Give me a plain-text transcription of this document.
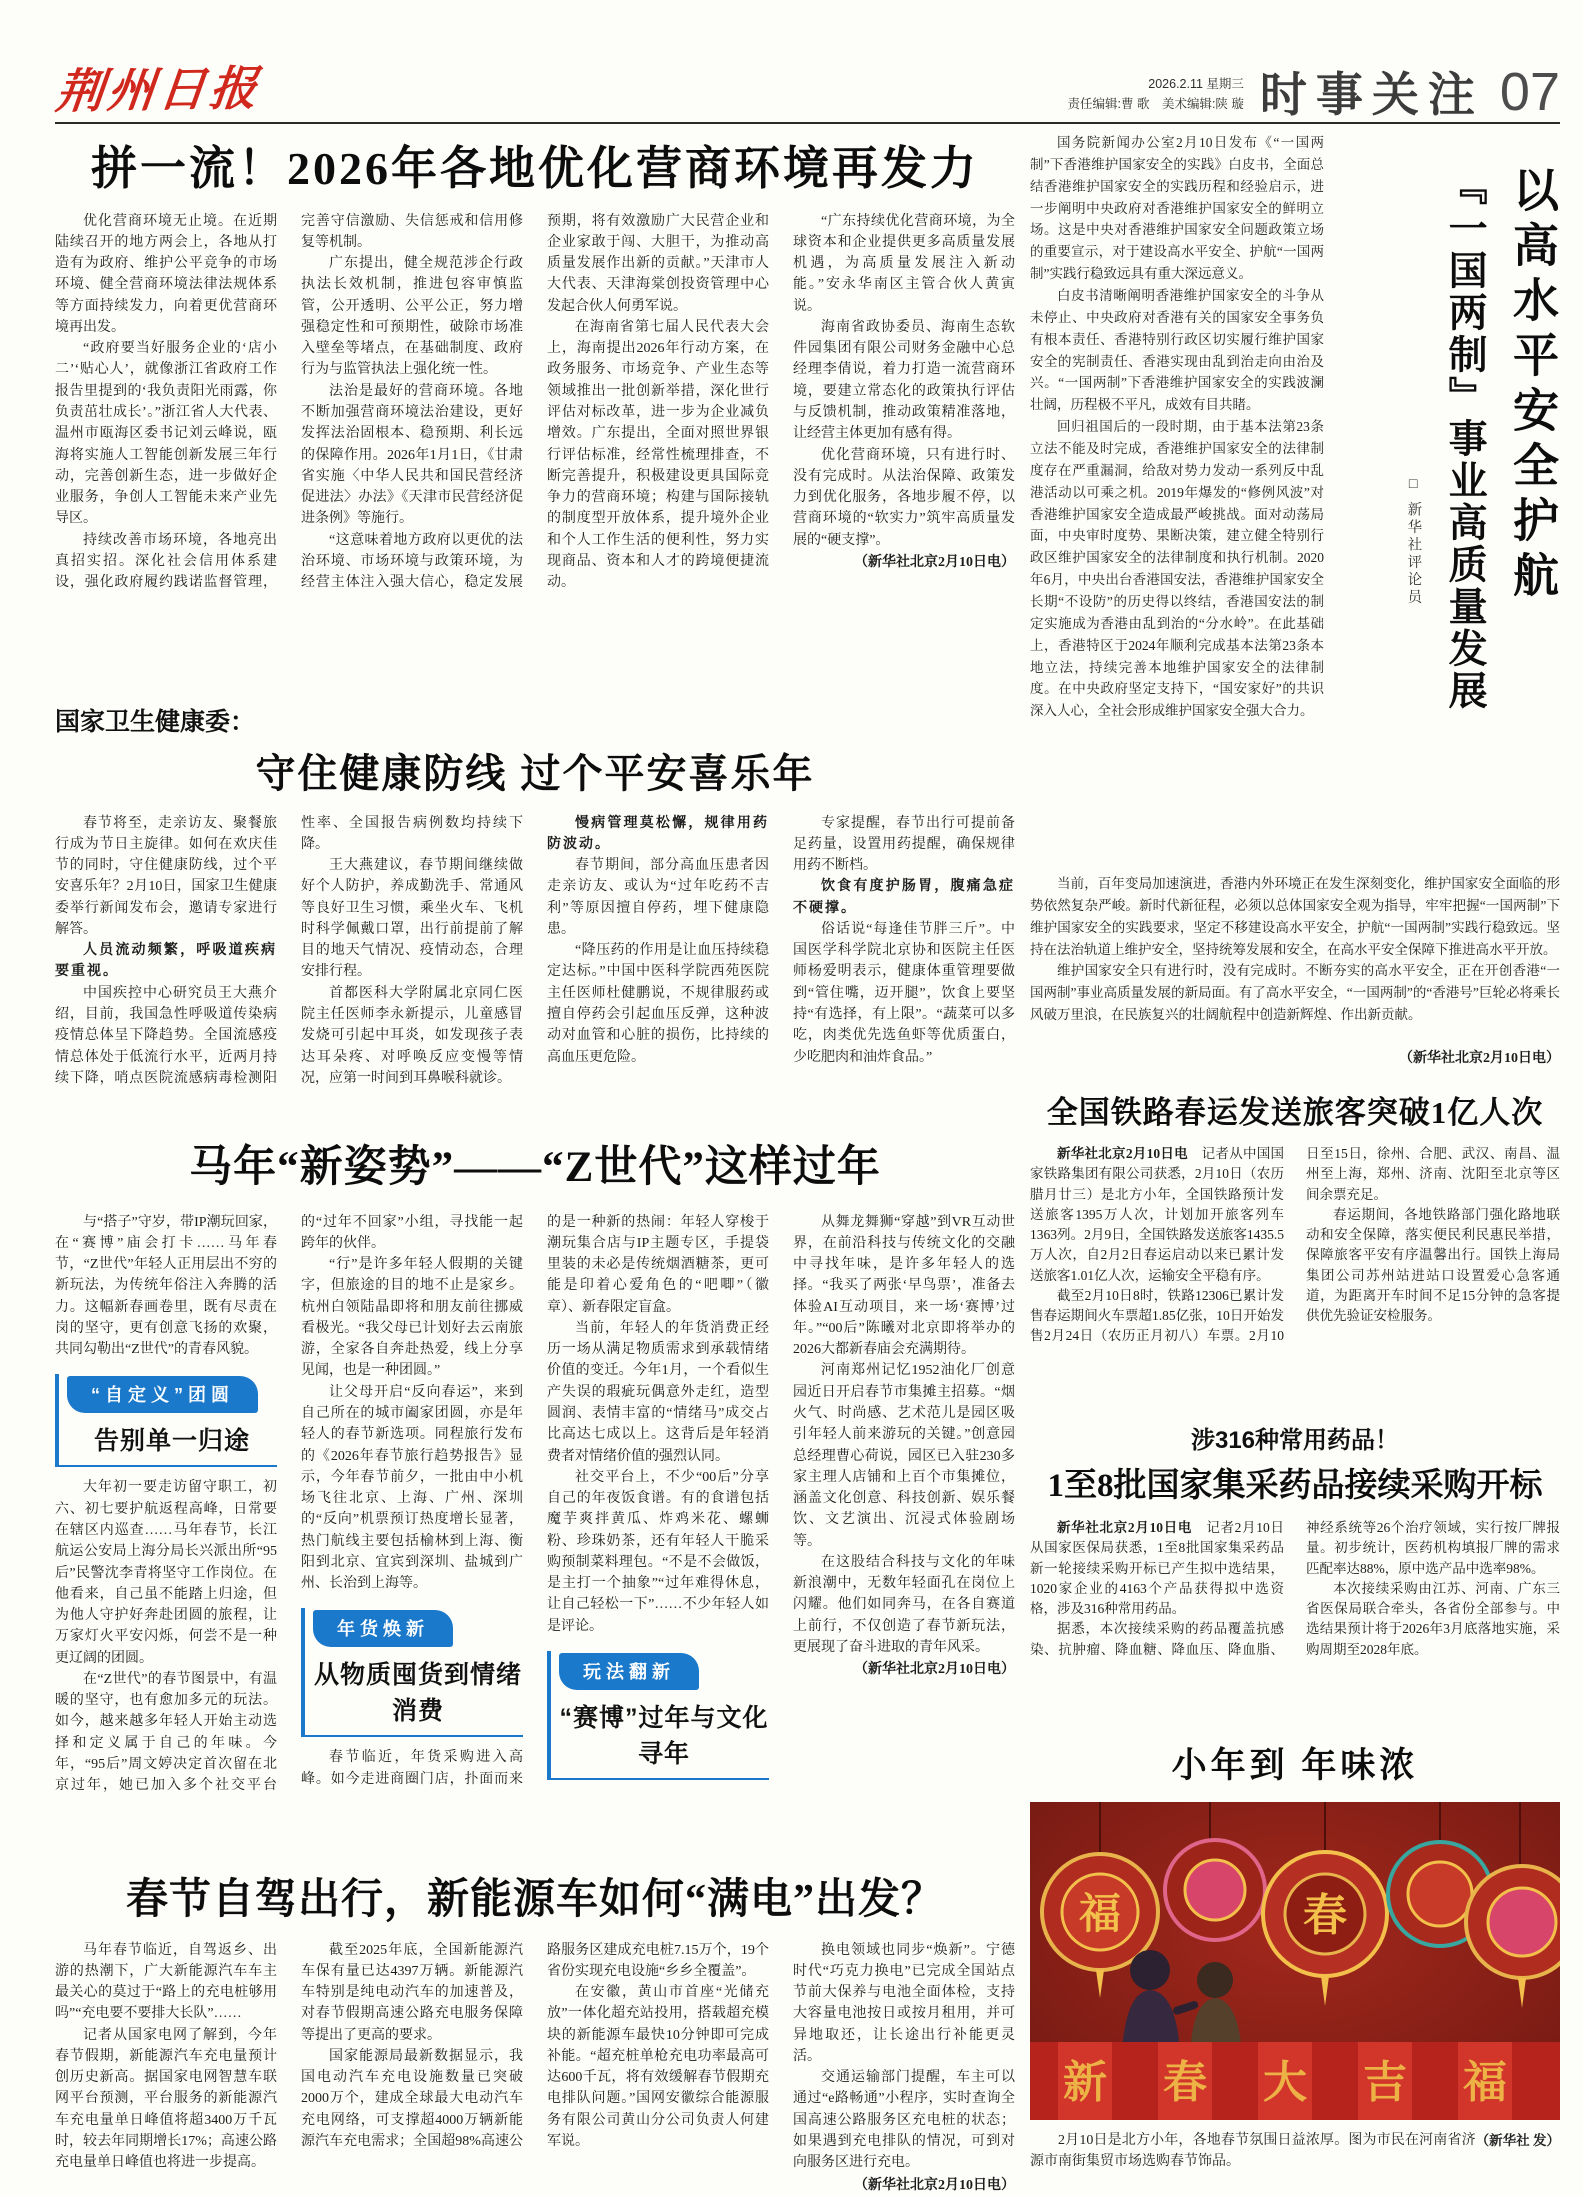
荆州日报	2026.2.11 星期三
责任编辑:曹 歌　美术编辑:陕 璇 时事关注 07
拼一流！2026年各地优化营商环境再发力

优化营商环境无止境。在近期陆续召开的地方两会上，各地从打造有为政府、维护公平竞争的市场环境、健全营商环境法律法规体系等方面持续发力，向着更优营商环境再出发。

“政府要当好服务企业的‘店小二’‘贴心人’，就像浙江省政府工作报告里提到的‘我负责阳光雨露，你负责茁壮成长’。”浙江省人大代表、温州市瓯海区委书记刘云峰说，瓯海将实施人工智能创新发展三年行动，完善创新生态，进一步做好企业服务，争创人工智能未来产业先导区。

持续改善市场环境，各地亮出真招实招。深化社会信用体系建设，强化政府履约践诺监督管理，完善守信激励、失信惩戒和信用修复等机制。

广东提出，健全规范涉企行政执法长效机制，推进包容审慎监管，公开透明、公平公正，努力增强稳定性和可预期性，破除市场准入壁垒等堵点，在基础制度、政府行为与监管执法上强化统一性。

法治是最好的营商环境。各地不断加强营商环境法治建设，更好发挥法治固根本、稳预期、利长远的保障作用。2026年1月1日，《甘肃省实施〈中华人民共和国民营经济促进法〉办法》《天津市民营经济促进条例》等施行。

“这意味着地方政府以更优的法治环境、市场环境与政策环境，为经营主体注入强大信心，稳定发展预期，将有效激励广大民营企业和企业家敢于闯、大胆干，为推动高质量发展作出新的贡献。”天津市人大代表、天津海棠创投资管理中心发起合伙人何勇军说。

在海南省第七届人民代表大会上，海南提出2026年行动方案，在政务服务、市场竞争、产业生态等领域推出一批创新举措，深化世行评估对标改革，进一步为企业减负增效。广东提出，全面对照世界银行评估标准，经常性梳理排查，不断完善提升，积极建设更具国际竞争力的营商环境；构建与国际接轨的制度型开放体系，提升境外企业和个人工作生活的便利性，努力实现商品、资本和人才的跨境便捷流动。

“广东持续优化营商环境，为全球资本和企业提供更多高质量发展机遇，为高质量发展注入新动能。”安永华南区主管合伙人黄寅说。

海南省政协委员、海南生态软件园集团有限公司财务金融中心总经理李倩说，着力打造一流营商环境，要建立常态化的政策执行评估与反馈机制，推动政策精准落地，让经营主体更加有感有得。

优化营商环境，只有进行时、没有完成时。从法治保障、政策发力到优化服务，各地步履不停，以营商环境的“软实力”筑牢高质量发展的“硬支撑”。

（新华社北京2月10日电）

国家卫生健康委：

守住健康防线 过个平安喜乐年

春节将至，走亲访友、聚餐旅行成为节日主旋律。如何在欢庆佳节的同时，守住健康防线，过个平安喜乐年？2月10日，国家卫生健康委举行新闻发布会，邀请专家进行解答。

人员流动频繁，呼吸道疾病要重视。

中国疾控中心研究员王大燕介绍，目前，我国急性呼吸道传染病疫情总体呈下降趋势。全国流感疫情总体处于低流行水平，近两月持续下降，哨点医院流感病毒检测阳性率、全国报告病例数均持续下降。

王大燕建议，春节期间继续做好个人防护，养成勤洗手、常通风等良好卫生习惯，乘坐火车、飞机时科学佩戴口罩，出行前提前了解目的地天气情况、疫情动态，合理安排行程。

首都医科大学附属北京同仁医院主任医师李永新提示，儿童感冒发烧可引起中耳炎，如发现孩子表达耳朵疼、对呼唤反应变慢等情况，应第一时间到耳鼻喉科就诊。

慢病管理莫松懈，规律用药防波动。

春节期间，部分高血压患者因走亲访友、或认为“过年吃药不吉利”等原因擅自停药，埋下健康隐患。

“降压药的作用是让血压持续稳定达标。”中国中医科学院西苑医院主任医师杜健鹏说，不规律服药或擅自停药会引起血压反弹，这种波动对血管和心脏的损伤，比持续的高血压更危险。

专家提醒，春节出行可提前备足药量，设置用药提醒，确保规律用药不断档。

饮食有度护肠胃，腹痛急症不硬撑。

俗话说“每逢佳节胖三斤”。中国医学科学院北京协和医院主任医师杨爱明表示，健康体重管理要做到“管住嘴，迈开腿”，饮食上要坚持“有选择，有上限”。“蔬菜可以多吃，肉类优先选鱼虾等优质蛋白，少吃肥肉和油炸食品。”

马年“新姿势”——“Z世代”这样过年

与“搭子”守岁，带IP潮玩回家，在“赛博”庙会打卡……马年春节，“Z世代”年轻人正用层出不穷的新玩法，为传统年俗注入奔腾的活力。这幅新春画卷里，既有尽责在岗的坚守，更有创意飞扬的欢聚，共同勾勒出“Z世代”的青春风貌。

“自定义”团圆
告别单一归途

大年初一要走访留守职工，初六、初七要护航返程高峰，日常要在辖区内巡查……马年春节，长江航运公安局上海分局长兴派出所“95后”民警沈李青将坚守工作岗位。在他看来，自己虽不能踏上归途，但为他人守护好奔赴团圆的旅程，让万家灯火平安闪烁，何尝不是一种更辽阔的团圆。

在“Z世代”的春节图景中，有温暖的坚守，也有愈加多元的玩法。如今，越来越多年轻人开始主动选择和定义属于自己的年味。今年，“95后”周文婷决定首次留在北京过年，她已加入多个社交平台的“过年不回家”小组，寻找能一起跨年的伙伴。

“行”是许多年轻人假期的关键字，但旅途的目的地不止是家乡。杭州白领陆晶即将和朋友前往挪威看极光。“我父母已计划好去云南旅游，全家各自奔赴热爱，线上分享见闻，也是一种团圆。”

让父母开启“反向春运”，来到自己所在的城市阖家团圆，亦是年轻人的春节新选项。同程旅行发布的《2026年春节旅行趋势报告》显示，今年春节前夕，一批由中小机场飞往北京、上海、广州、深圳的“反向”机票预订热度增长显著，热门航线主要包括榆林到上海、衡阳到北京、宜宾到深圳、盐城到广州、长治到上海等。

年货焕新
从物质囤货到情绪消费

春节临近，年货采购进入高峰。如今走进商圈门店，扑面而来的是一种新的热闹：年轻人穿梭于潮玩集合店与IP主题专区，手提袋里装的未必是传统烟酒糖茶，更可能是印着心爱角色的“吧唧”（徽章）、新春限定盲盒。

当前，年轻人的年货消费正经历一场从满足物质需求到承载情绪价值的变迁。今年1月，一个看似生产失误的瑕疵玩偶意外走红，造型圆润、表情丰富的“情绪马”成交占比高达七成以上。这背后是年轻消费者对情绪价值的强烈认同。

社交平台上，不少“00后”分享自己的年夜饭食谱。有的食谱包括魔芋爽拌黄瓜、炸鸡米花、螺蛳粉、珍珠奶茶，还有年轻人干脆采购预制菜料理包。“不是不会做饭，是主打一个抽象”“过年难得休息，让自己轻松一下”……不少年轻人如是评论。

玩法翻新
“赛博”过年与文化寻年

从舞龙舞狮“穿越”到VR互动世界，在前沿科技与传统文化的交融中寻找年味，是许多年轻人的选择。“我买了两张‘早鸟票’，准备去体验AI互动项目，来一场‘赛博’过年。”“00后”陈曦对北京即将举办的2026大都新春庙会充满期待。

河南郑州记忆1952油化厂创意园近日开启春节市集摊主招募。“烟火气、时尚感、艺术范儿是园区吸引年轻人前来游玩的关键。”创意园总经理曹心荷说，园区已入驻230多家主理人店铺和上百个市集摊位，涵盖文化创意、科技创新、娱乐餐饮、文艺演出、沉浸式体验剧场等。

在这股结合科技与文化的年味新浪潮中，无数年轻面孔在岗位上闪耀。他们如同奔马，在各自赛道上前行，不仅创造了春节新玩法，更展现了奋斗进取的青年风采。

（新华社北京2月10日电）

春节自驾出行，新能源车如何“满电”出发？

马年春节临近，自驾返乡、出游的热潮下，广大新能源汽车车主最关心的莫过于“路上的充电桩够用吗”“充电要不要排大长队”……

记者从国家电网了解到，今年春节假期，新能源汽车充电量预计创历史新高。据国家电网智慧车联网平台预测，平台服务的新能源汽车充电量单日峰值将超3400万千瓦时，较去年同期增长17%；高速公路充电量单日峰值也将进一步提高。

截至2025年底，全国新能源汽车保有量已达4397万辆。新能源汽车特别是纯电动汽车的加速普及，对春节假期高速公路充电服务保障等提出了更高的要求。

国家能源局最新数据显示，我国电动汽车充电设施数量已突破2000万个，建成全球最大电动汽车充电网络，可支撑超4000万辆新能源汽车充电需求；全国超98%高速公路服务区建成充电桩7.15万个，19个省份实现充电设施“乡乡全覆盖”。

在安徽，黄山市首座“光储充放”一体化超充站投用，搭载超充模块的新能源车最快10分钟即可完成补能。“超充桩单枪充电功率最高可达600千瓦，将有效缓解春节假期充电排队问题。”国网安徽综合能源服务有限公司黄山分公司负责人何建军说。

换电领域也同步“焕新”。宁德时代“巧克力换电”已完成全国站点节前大保养与电池全面体检，支持大容量电池按日或按月租用，并可异地取还，让长途出行补能更灵活。

交通运输部门提醒，车主可以通过“e路畅通”小程序，实时查询全国高速公路服务区充电桩的状态；如果遇到充电排队的情况，可到对向服务区进行充电。

（新华社北京2月10日电）

国务院新闻办公室2月10日发布《“一国两制”下香港维护国家安全的实践》白皮书，全面总结香港维护国家安全的实践历程和经验启示，进一步阐明中央政府对香港维护国家安全的鲜明立场。这是中央对香港维护国家安全问题政策立场的重要宣示，对于建设高水平安全、护航“一国两制”实践行稳致远具有重大深远意义。

白皮书清晰阐明香港维护国家安全的斗争从未停止、中央政府对香港有关的国家安全事务负有根本责任、香港特别行政区切实履行维护国家安全的宪制责任、香港实现由乱到治走向由治及兴。“一国两制”下香港维护国家安全的实践波澜壮阔，历程极不平凡，成效有目共睹。

回归祖国后的一段时期，由于基本法第23条立法不能及时完成，香港维护国家安全的法律制度存在严重漏洞，给敌对势力发动一系列反中乱港活动以可乘之机。2019年爆发的“修例风波”对香港维护国家安全造成最严峻挑战。面对动荡局面，中央审时度势、果断决策，建立健全特别行政区维护国家安全的法律制度和执行机制。2020年6月，中央出台香港国安法，香港维护国家安全长期“不设防”的历史得以终结，香港国安法的制定实施成为香港由乱到治的“分水岭”。在此基础上，香港特区于2024年顺利完成基本法第23条本地立法，持续完善本地维护国家安全的法律制度。在中央政府坚定支持下，“国安家好”的共识深入人心，全社会形成维护国家安全强大合力。

以高水平安全护航
『一国两制』事业高质量发展
□ 新华社评论员

当前，百年变局加速演进，香港内外环境正在发生深刻变化，维护国家安全面临的形势依然复杂严峻。新时代新征程，必须以总体国家安全观为指导，牢牢把握“一国两制”下维护国家安全的实践要求，坚定不移建设高水平安全，护航“一国两制”实践行稳致远。坚持在法治轨道上维护安全，坚持统筹发展和安全，在高水平安全保障下推进高水平开放。

维护国家安全只有进行时，没有完成时。不断夯实的高水平安全，正在开创香港“一国两制”事业高质量发展的新局面。有了高水平安全，“一国两制”的“香港号”巨轮必将乘长风破万里浪，在民族复兴的壮阔航程中创造新辉煌、作出新贡献。

（新华社北京2月10日电）

全国铁路春运发送旅客突破1亿人次

新华社北京2月10日电　记者从中国国家铁路集团有限公司获悉，2月10日（农历腊月廿三）是北方小年，全国铁路预计发送旅客1395万人次，计划加开旅客列车1363列。2月9日，全国铁路发送旅客1435.5万人次，自2月2日春运启动以来已累计发送旅客1.01亿人次，运输安全平稳有序。

截至2月10日8时，铁路12306已累计发售春运期间火车票超1.85亿张，10日开始发售2月24日（农历正月初八）车票。2月10日至15日，徐州、合肥、武汉、南昌、温州至上海，郑州、济南、沈阳至北京等区间余票充足。

春运期间，各地铁路部门强化路地联动和安全保障，落实便民利民惠民举措，保障旅客平安有序温馨出行。国铁上海局集团公司苏州站进站口设置爱心急客通道，为距离开车时间不足15分钟的急客提供优先验证安检服务。

涉316种常用药品！

1至8批国家集采药品接续采购开标

新华社北京2月10日电　记者2月10日从国家医保局获悉，1至8批国家集采药品新一轮接续采购开标已产生拟中选结果，1020家企业的4163个产品获得拟中选资格，涉及316种常用药品。

据悉，本次接续采购的药品覆盖抗感染、抗肿瘤、降血糖、降血压、降血脂、神经系统等26个治疗领域，实行按厂牌报量。初步统计，医药机构填报厂牌的需求匹配率达88%，原中选产品中选率98%。

本次接续采购由江苏、河南、广东三省医保局联合牵头，各省份全部参与。中选结果预计将于2026年3月底落地实施，采购周期至2028年底。

小年到 年味浓
福	春
新 春 大 吉 福
（新华社 发）

2月10日是北方小年，各地春节氛围日益浓厚。图为市民在河南省济源市南街集贸市场选购春节饰品。
